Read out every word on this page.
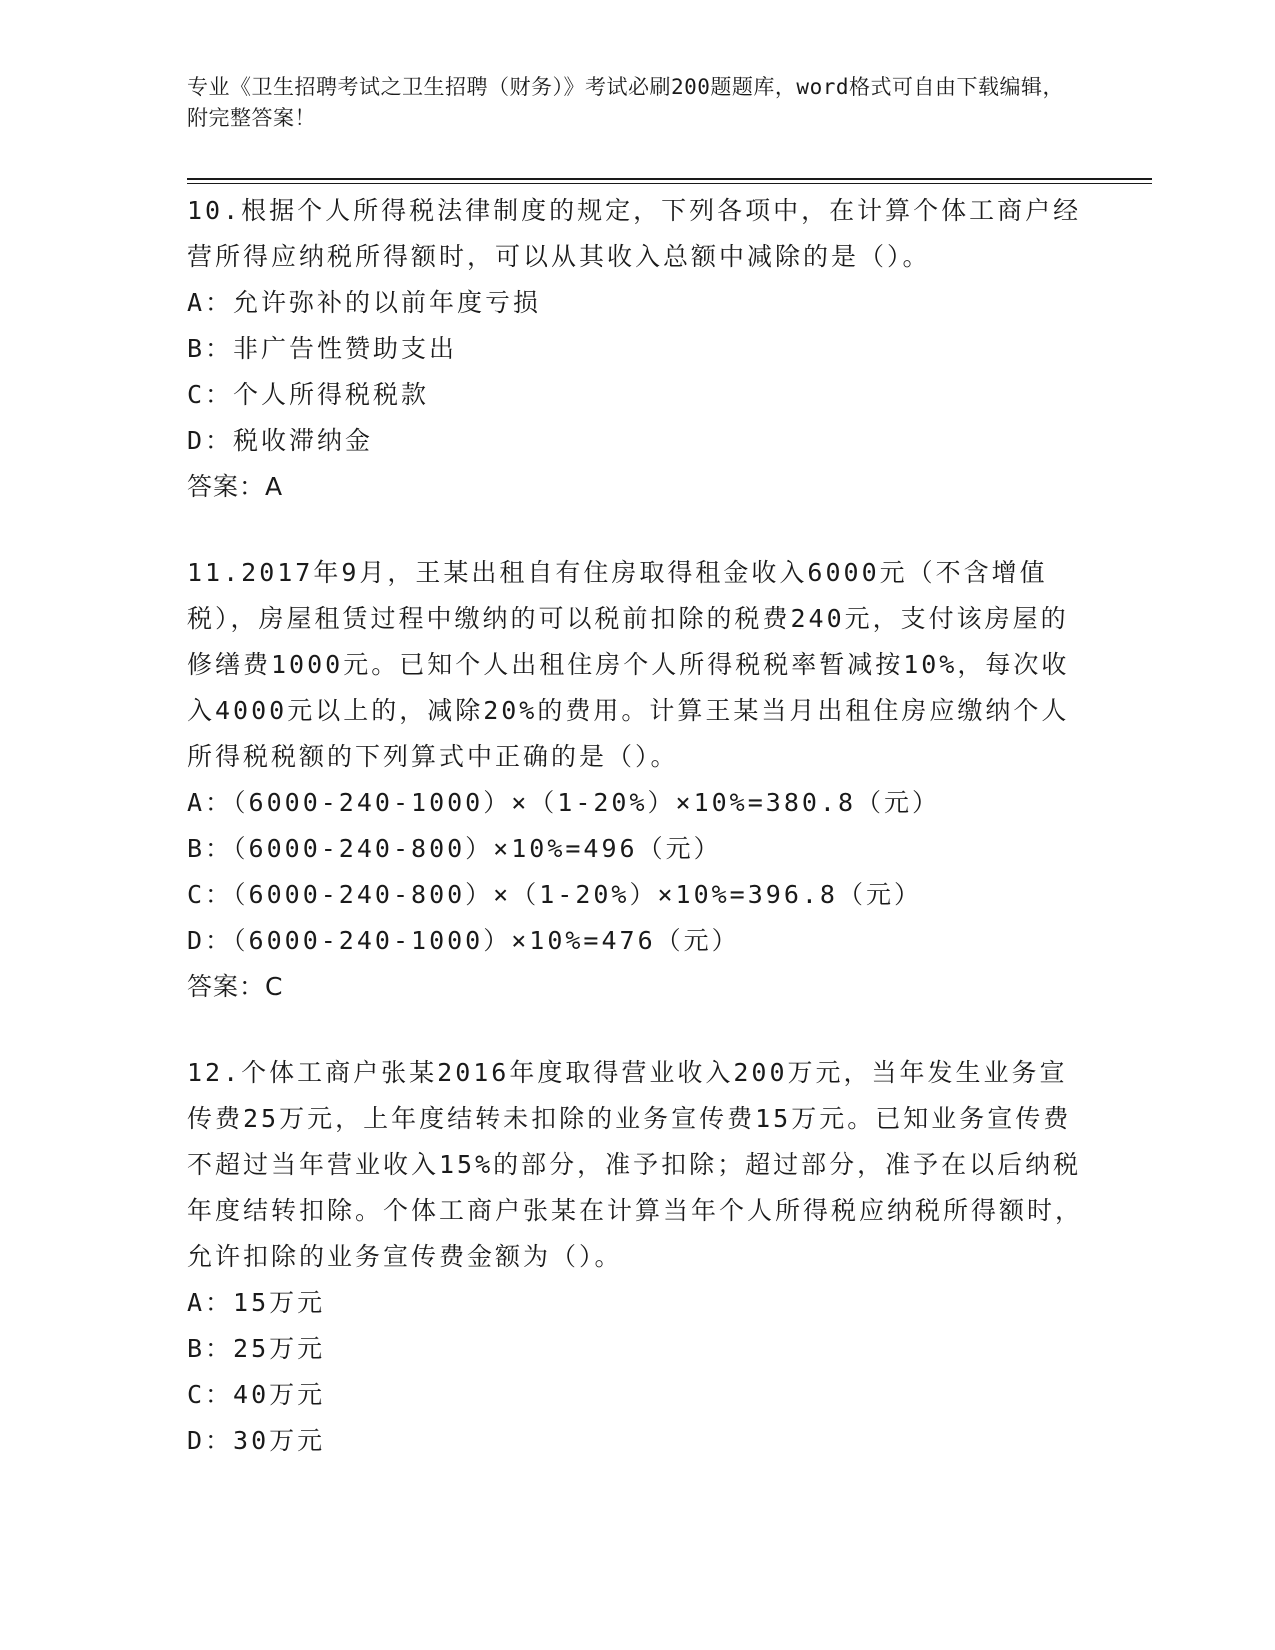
专业《卫生招聘考试之卫生招聘（财务）》考试必刷200题题库，word格式可自由下载编辑，附完整答案！

10.根据个人所得税法律制度的规定，下列各项中，在计算个体工商户经营所得应纳税所得额时，可以从其收入总额中减除的是（）。

A：允许弥补的以前年度亏损
B：非广告性赞助支出
C：个人所得税税款
D：税收滞纳金

答案：A

11.2017年9月，王某出租自有住房取得租金收入6000元（不含增值税），房屋租赁过程中缴纳的可以税前扣除的税费240元，支付该房屋的修缮费1000元。已知个人出租住房个人所得税税率暂减按10%，每次收入4000元以上的，减除20%的费用。计算王某当月出租住房应缴纳个人所得税税额的下列算式中正确的是（）。

A：（6000-240-1000）×（1-20%）×10%=380.8（元）
B：（6000-240-800）×10%=496（元）
C：（6000-240-800）×（1-20%）×10%=396.8（元）
D：（6000-240-1000）×10%=476（元）

答案：C

12.个体工商户张某2016年度取得营业收入200万元，当年发生业务宣传费25万元，上年度结转未扣除的业务宣传费15万元。已知业务宣传费不超过当年营业收入15%的部分，准予扣除；超过部分，准予在以后纳税年度结转扣除。个体工商户张某在计算当年个人所得税应纳税所得额时，允许扣除的业务宣传费金额为（）。

A：15万元
B：25万元
C：40万元
D：30万元
